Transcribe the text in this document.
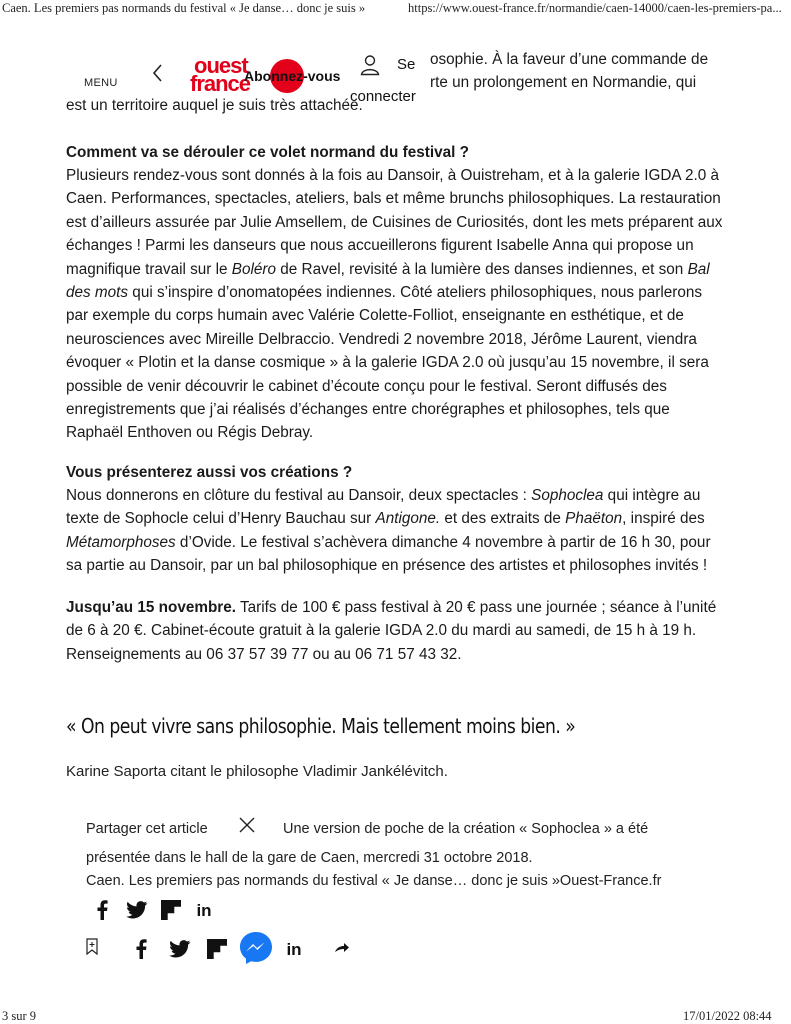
Caen. Les premiers pas normands du festival « Je danse… donc je suis »	https://www.ouest-france.fr/normandie/caen-14000/caen-les-premiers-pa...
3 sur 9	17/01/2022 08:44
osophie. À la faveur d’une commande de
rte un prolongement en Normandie, qui
est un territoire auquel je suis très attachée.
MENU
ouest
france
Abonnez-vous
Se
connecter
Comment va se dérouler ce volet normand du festival ?
Plusieurs rendez-vous sont donnés à la fois au Dansoir, à Ouistreham, et à la galerie IGDA 2.0 à Caen. Performances, spectacles, ateliers, bals et même brunchs philosophiques. La restauration est d’ailleurs assurée par Julie Amsellem, de Cuisines de Curiosités, dont les mets préparent aux échanges ! Parmi les danseurs que nous accueillerons figurent Isabelle Anna qui propose un magnifique travail sur le Boléro de Ravel, revisité à la lumière des danses indiennes, et son Bal des mots qui s’inspire d’onomatopées indiennes. Côté ateliers philosophiques, nous parlerons par exemple du corps humain avec Valérie Colette-Folliot, enseignante en esthétique, et de neurosciences avec Mireille Delbraccio. Vendredi 2 novembre 2018, Jérôme Laurent, viendra évoquer « Plotin et la danse cosmique » à la galerie IGDA 2.0 où jusqu’au 15 novembre, il sera possible de venir découvrir le cabinet d’écoute conçu pour le festival. Seront diffusés des enregistrements que j’ai réalisés d’échanges entre chorégraphes et philosophes, tels que Raphaël Enthoven ou Régis Debray.
Vous présenterez aussi vos créations ?
Nous donnerons en clôture du festival au Dansoir, deux spectacles : Sophoclea qui intègre au texte de Sophocle celui d’Henry Bauchau sur Antigone. et des extraits de Phaëton, inspiré des Métamorphoses d’Ovide. Le festival s’achèvera dimanche 4 novembre à partir de 16 h 30, pour sa partie au Dansoir, par un bal philosophique en présence des artistes et philosophes invités !
Jusqu’au 15 novembre. Tarifs de 100 € pass festival à 20 € pass une journée ; séance à l’unité de 6 à 20 €. Cabinet-écoute gratuit à la galerie IGDA 2.0 du mardi au samedi, de 15 h à 19 h. Renseignements au 06 37 57 39 77 ou au 06 71 57 43 32.
« On peut vivre sans philosophie. Mais tellement moins bien. »
Karine Saporta citant le philosophe Vladimir Jankélévitch.
Partager cet article	Une version de poche de la création « Sophoclea » a été
présentée dans le hall de la gare de Caen, mercredi 31 octobre 2018.
Caen. Les premiers pas normands du festival « Je danse… donc je suis »Ouest-France.fr
in
in
